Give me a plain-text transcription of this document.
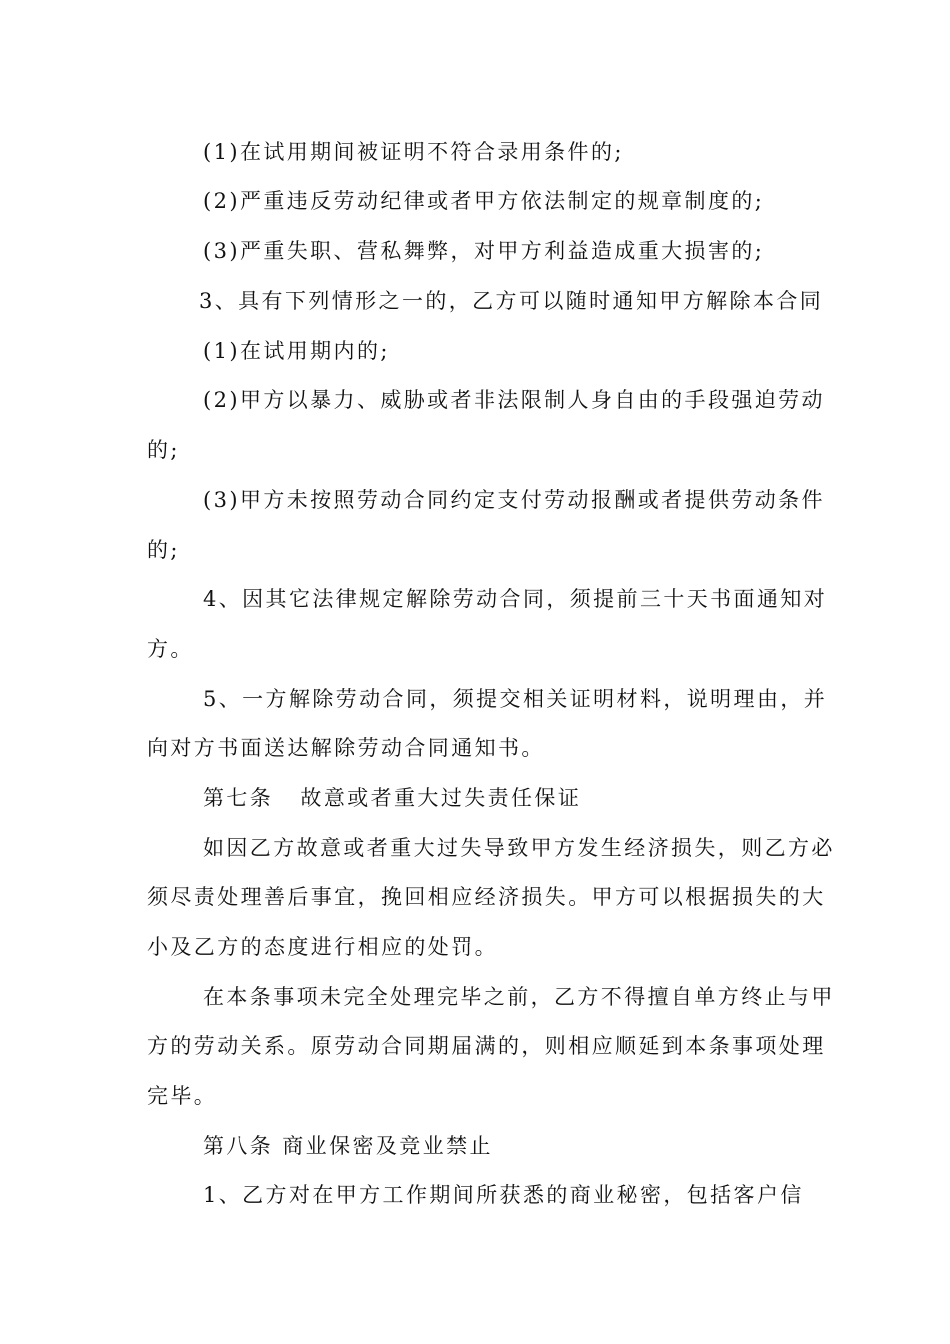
(1)在试用期间被证明不符合录用条件的;
(2)严重违反劳动纪律或者甲方依法制定的规章制度的;
(3)严重失职、营私舞弊，对甲方利益造成重大损害的;
3、具有下列情形之一的，乙方可以随时通知甲方解除本合同
(1)在试用期内的;
(2)甲方以暴力、威胁或者非法限制人身自由的手段强迫劳动
的;
(3)甲方未按照劳动合同约定支付劳动报酬或者提供劳动条件
的;
4、因其它法律规定解除劳动合同，须提前三十天书面通知对
方。
5、一方解除劳动合同，须提交相关证明材料，说明理由，并
向对方书面送达解除劳动合同通知书。
第七条   故意或者重大过失责任保证
如因乙方故意或者重大过失导致甲方发生经济损失，则乙方必
须尽责处理善后事宜，挽回相应经济损失。甲方可以根据损失的大
小及乙方的态度进行相应的处罚。
在本条事项未完全处理完毕之前，乙方不得擅自单方终止与甲
方的劳动关系。原劳动合同期届满的，则相应顺延到本条事项处理
完毕。
第八条 商业保密及竞业禁止
1、乙方对在甲方工作期间所获悉的商业秘密，包括客户信
